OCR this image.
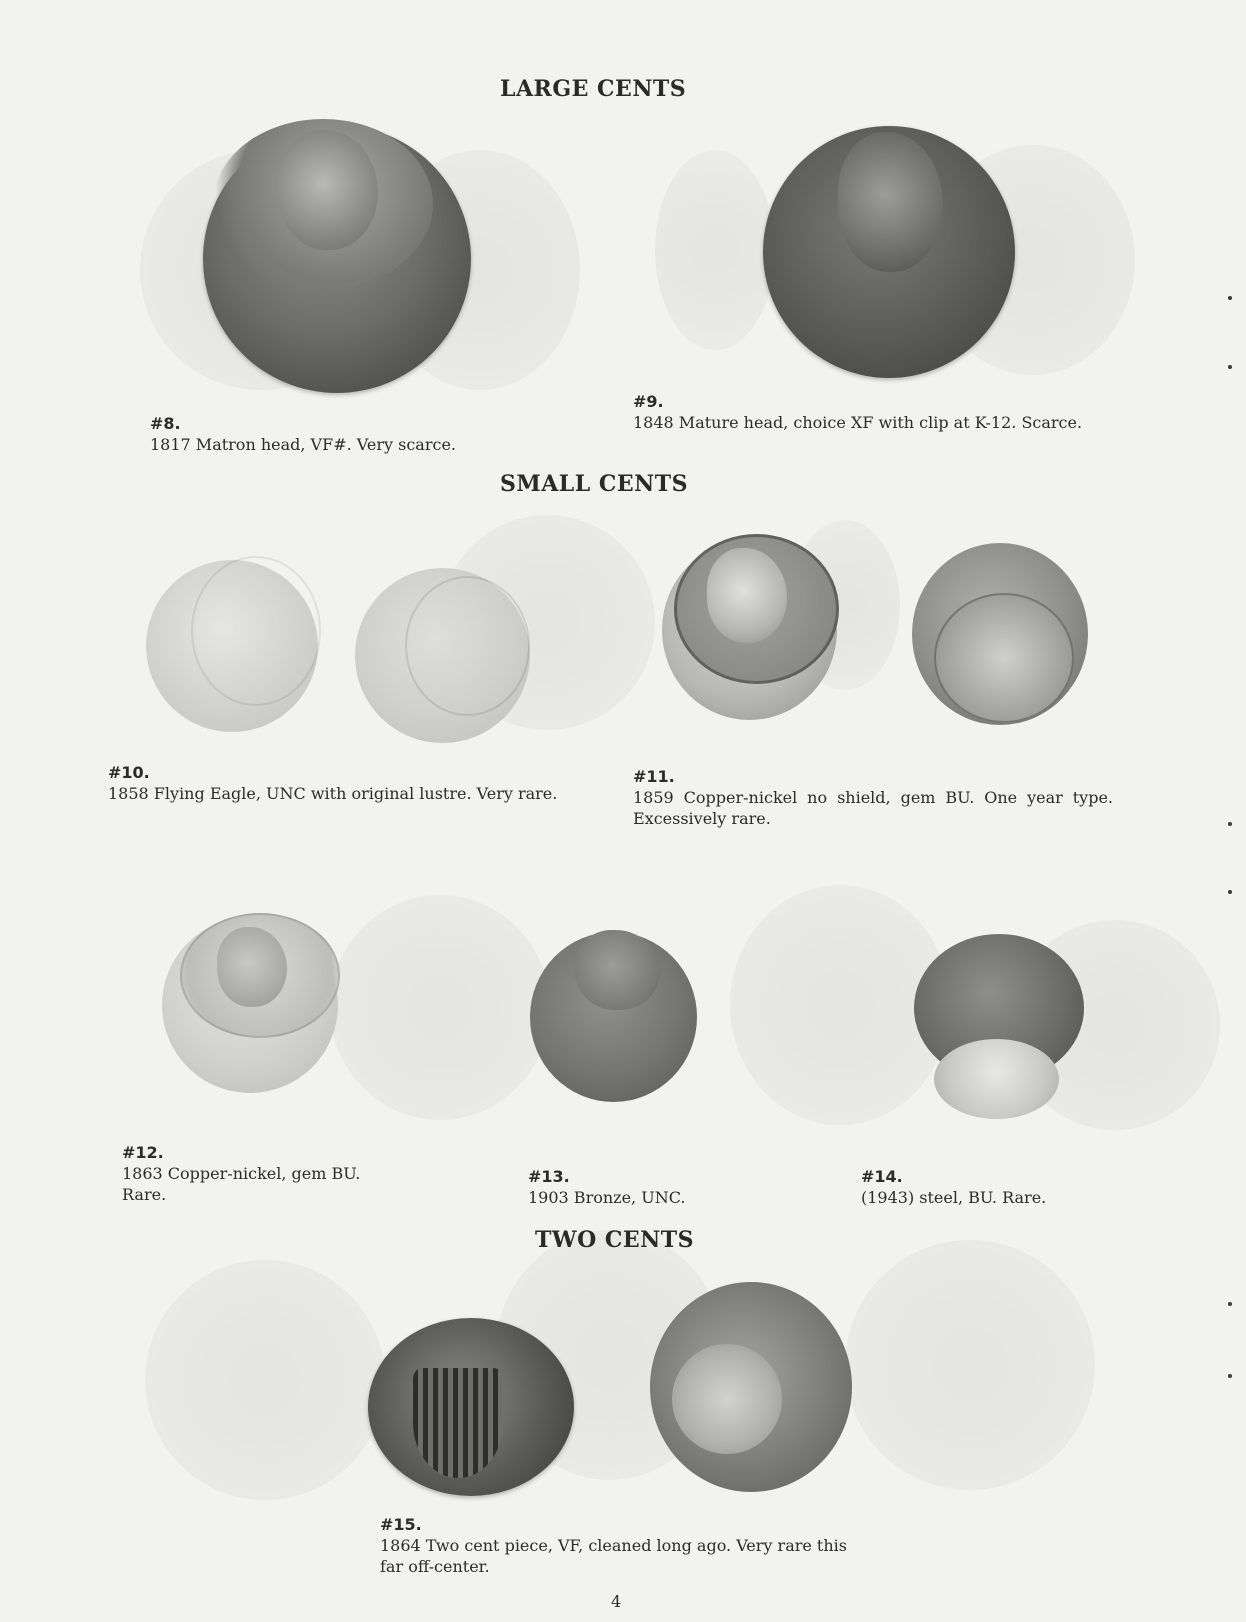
LARGE CENTS
#8.
1817 Matron head, VF#. Very scarce.
#9.
1848 Mature head, choice XF with clip at K-12. Scarce.
SMALL CENTS
#10.
1858 Flying Eagle, UNC with original lustre. Very rare.
#11.
1859 Copper-nickel no shield, gem BU. One year type. Excessively rare.
#12.
1863 Copper-nickel, gem BU. Rare.
#13.
1903 Bronze, UNC.
#14.
(1943) steel, BU. Rare.
TWO CENTS
#15.
1864 Two cent piece, VF, cleaned long ago. Very rare this far off-center.
4
